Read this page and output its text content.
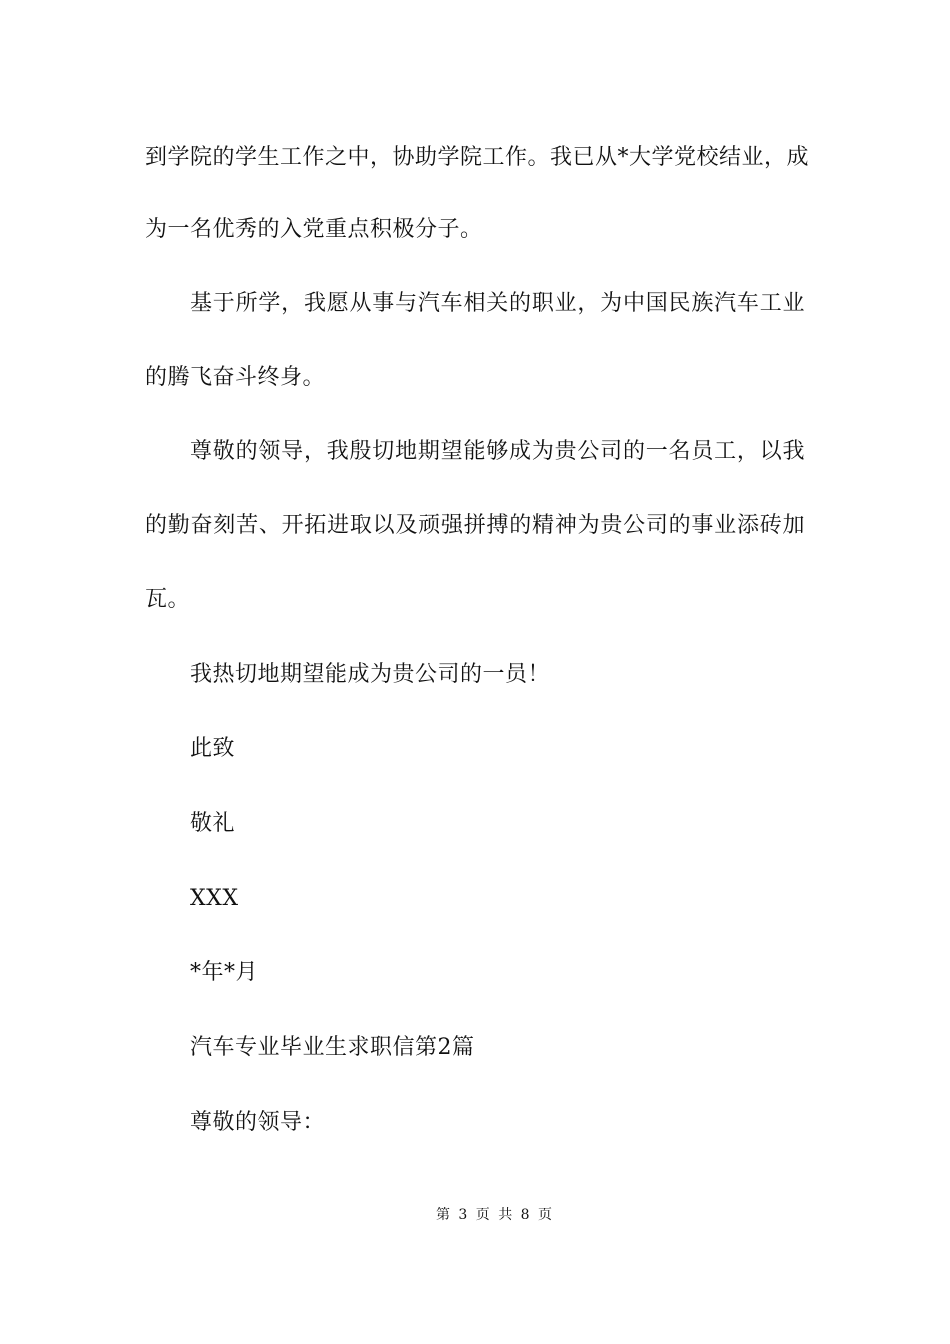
到学院的学生工作之中，协助学院工作。我已从*大学党校结业，成
为一名优秀的入党重点积极分子。
基于所学，我愿从事与汽车相关的职业，为中国民族汽车工业
的腾飞奋斗终身。
尊敬的领导，我殷切地期望能够成为贵公司的一名员工，以我
的勤奋刻苦、开拓进取以及顽强拼搏的精神为贵公司的事业添砖加
瓦。
我热切地期望能成为贵公司的一员！
此致
敬礼
XXX
*年*月
汽车专业毕业生求职信第2篇
尊敬的领导：
第 3 页 共 8 页
